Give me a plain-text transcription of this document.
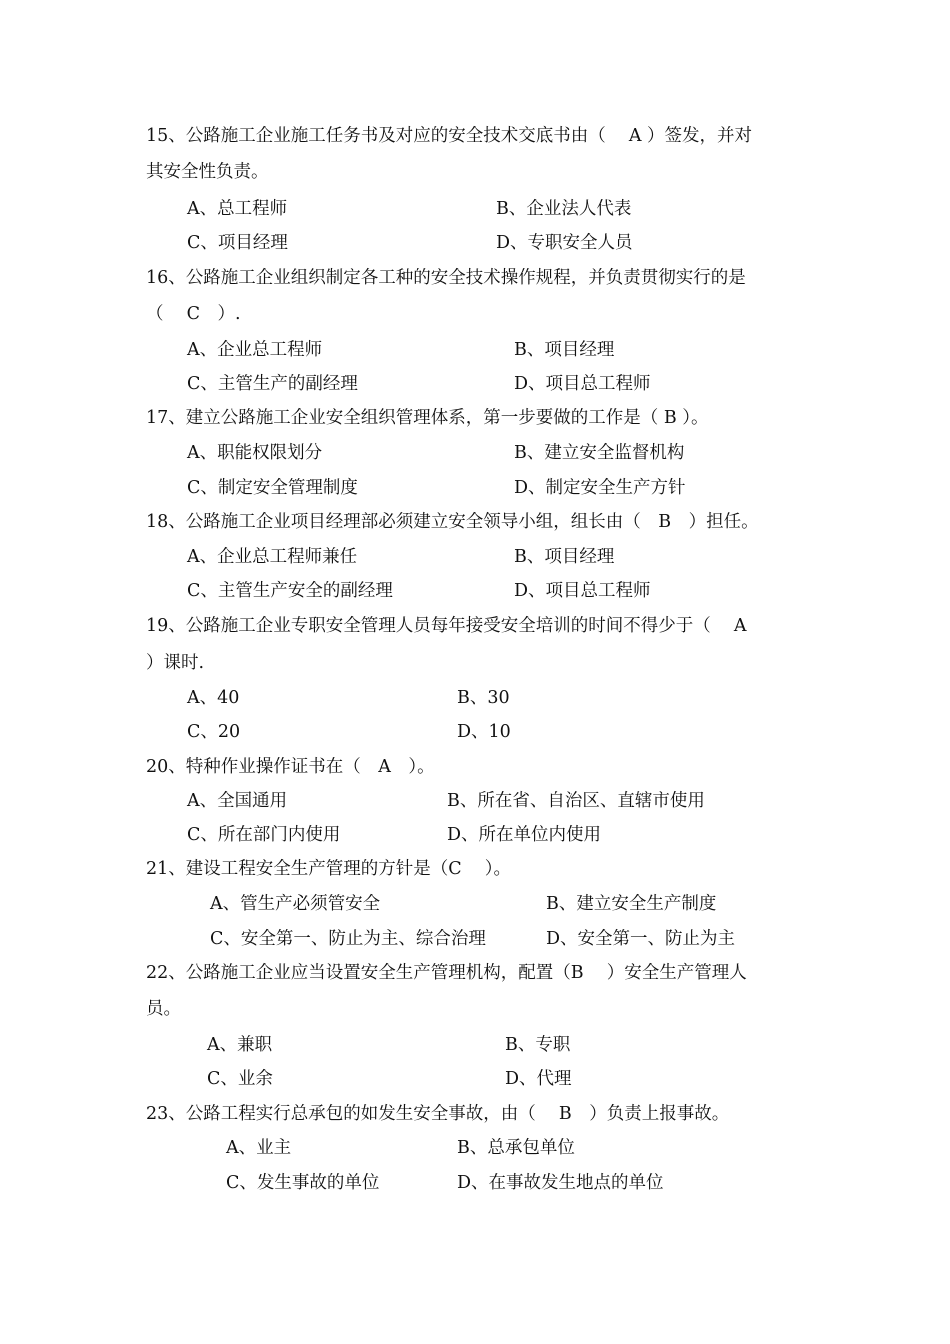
15、公路施工企业施工任务书及对应的安全技术交底书由（　 A ）签发，并对
其安全性负责。
A、总工程师	B、企业法人代表
C、项目经理	D、专职安全人员
16、公路施工企业组织制定各工种的安全技术操作规程，并负责贯彻实行的是
（　 C　）.
A、企业总工程师	B、项目经理
C、主管生产的副经理	D、项目总工程师
17、建立公路施工企业安全组织管理体系，第一步要做的工作是（ B ）。
A、职能权限划分	B、建立安全监督机构
C、制定安全管理制度	D、制定安全生产方针
18、公路施工企业项目经理部必须建立安全领导小组，组长由（　B　）担任。
A、企业总工程师兼任	B、项目经理
C、主管生产安全的副经理	D、项目总工程师
19、公路施工企业专职安全管理人员每年接受安全培训的时间不得少于（　 A
）课时.
A、40	B、30
C、20	D、10
20、特种作业操作证书在（　A　）。
A、全国通用	B、所在省、自治区、直辖市使用
C、所在部门内使用	D、所在单位内使用
21、建设工程安全生产管理的方针是（C　 ）。
A、管生产必须管安全	B、建立安全生产制度
C、安全第一、防止为主、综合治理	D、安全第一、防止为主
22、公路施工企业应当设置安全生产管理机构，配置（B　 ）安全生产管理人
员。
A、兼职	B、专职
C、业余	D、代理
23、公路工程实行总承包的如发生安全事故，由（　 B　）负责上报事故。
A、业主	B、总承包单位
C、发生事故的单位	D、在事故发生地点的单位
